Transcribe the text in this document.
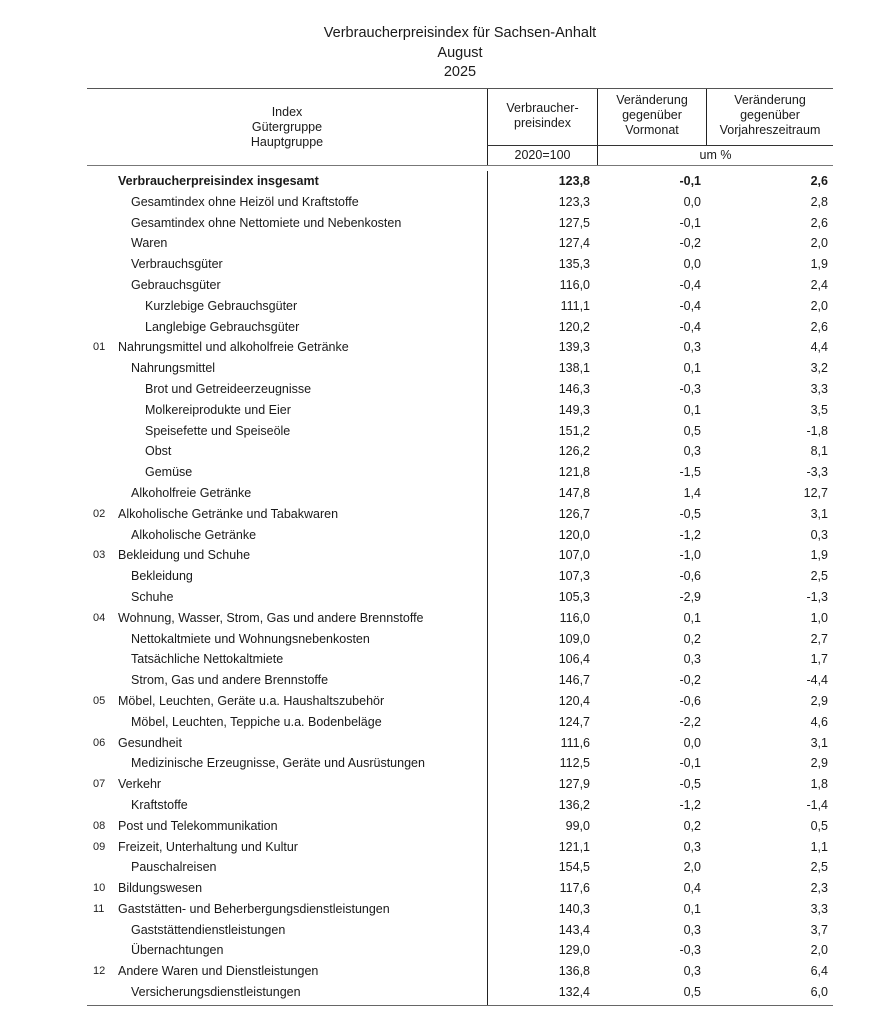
Verbraucherpreisindex für Sachsen-Anhalt
August
2025
Index
Gütergruppe
Hauptgruppe
Verbraucher-
preisindex
Veränderung
gegenüber
Vormonat
Veränderung
gegenüber
Vorjahreszeitraum
2020=100	um %
Verbraucherpreisindex insgesamt	123,8	-0,1	2,6
Gesamtindex ohne Heizöl und Kraftstoffe	123,3	0,0	2,8
Gesamtindex ohne Nettomiete und Nebenkosten	127,5	-0,1	2,6
Waren	127,4	-0,2	2,0
Verbrauchsgüter	135,3	0,0	1,9
Gebrauchsgüter	116,0	-0,4	2,4
Kurzlebige Gebrauchsgüter	111,1	-0,4	2,0
Langlebige Gebrauchsgüter	120,2	-0,4	2,6
01 Nahrungsmittel und alkoholfreie Getränke	139,3	0,3	4,4
Nahrungsmittel	138,1	0,1	3,2
Brot und Getreideerzeugnisse	146,3	-0,3	3,3
Molkereiprodukte und Eier	149,3	0,1	3,5
Speisefette und Speiseöle	151,2	0,5	-1,8
Obst	126,2	0,3	8,1
Gemüse	121,8	-1,5	-3,3
Alkoholfreie Getränke	147,8	1,4	12,7
02 Alkoholische Getränke und Tabakwaren	126,7	-0,5	3,1
Alkoholische Getränke	120,0	-1,2	0,3
03 Bekleidung und Schuhe	107,0	-1,0	1,9
Bekleidung	107,3	-0,6	2,5
Schuhe	105,3	-2,9	-1,3
04 Wohnung, Wasser, Strom, Gas und andere Brennstoffe	116,0	0,1	1,0
Nettokaltmiete und Wohnungsnebenkosten	109,0	0,2	2,7
Tatsächliche Nettokaltmiete	106,4	0,3	1,7
Strom, Gas und andere Brennstoffe	146,7	-0,2	-4,4
05 Möbel, Leuchten, Geräte u.a. Haushaltszubehör	120,4	-0,6	2,9
Möbel, Leuchten, Teppiche u.a. Bodenbeläge	124,7	-2,2	4,6
06 Gesundheit	111,6	0,0	3,1
Medizinische Erzeugnisse, Geräte und Ausrüstungen	112,5	-0,1	2,9
07 Verkehr	127,9	-0,5	1,8
Kraftstoffe	136,2	-1,2	-1,4
08 Post und Telekommunikation	99,0	0,2	0,5
09 Freizeit, Unterhaltung und Kultur	121,1	0,3	1,1
Pauschalreisen	154,5	2,0	2,5
10 Bildungswesen	117,6	0,4	2,3
11 Gaststätten- und Beherbergungsdienstleistungen	140,3	0,1	3,3
Gaststättendienstleistungen	143,4	0,3	3,7
Übernachtungen	129,0	-0,3	2,0
12 Andere Waren und Dienstleistungen	136,8	0,3	6,4
Versicherungsdienstleistungen	132,4	0,5	6,0
